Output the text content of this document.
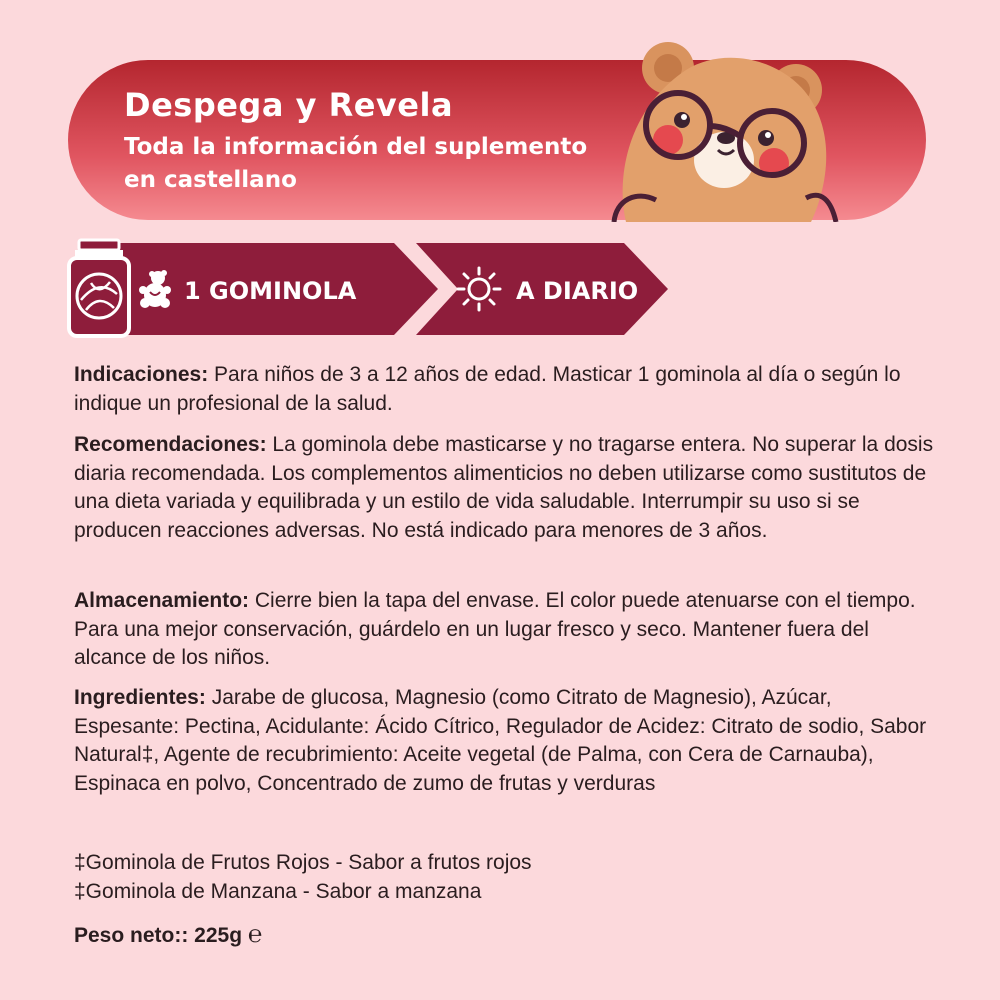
Despega y Revela
Toda la información del suplemento en castellano
1 GOMINOLA	A DIARIO
Indicaciones: Para niños de 3 a 12 años de edad. Masticar 1 gominola al día o según lo indique un profesional de la salud.
Recomendaciones: La gominola debe masticarse y no tragarse entera. No superar la dosis diaria recomendada. Los complementos alimenticios no deben utilizarse como sustitutos de una dieta variada y equilibrada y un estilo de vida saludable. Interrumpir su uso si se producen reacciones adversas. No está indicado para menores de 3 años.
Almacenamiento: Cierre bien la tapa del envase. El color puede atenuarse con el tiempo. Para una mejor conservación, guárdelo en un lugar fresco y seco. Mantener fuera del alcance de los niños.
Ingredientes: Jarabe de glucosa, Magnesio (como Citrato de Magnesio), Azúcar, Espesante: Pectina, Acidulante: Ácido Cítrico, Regulador de Acidez: Citrato de sodio, Sabor Natural‡, Agente de recubrimiento: Aceite vegetal (de Palma, con Cera de Carnauba), Espinaca en polvo, Concentrado de zumo de frutas y verduras
‡Gominola de Frutos Rojos - Sabor a frutos rojos
‡Gominola de Manzana - Sabor a manzana
Peso neto:: 225g ℮
